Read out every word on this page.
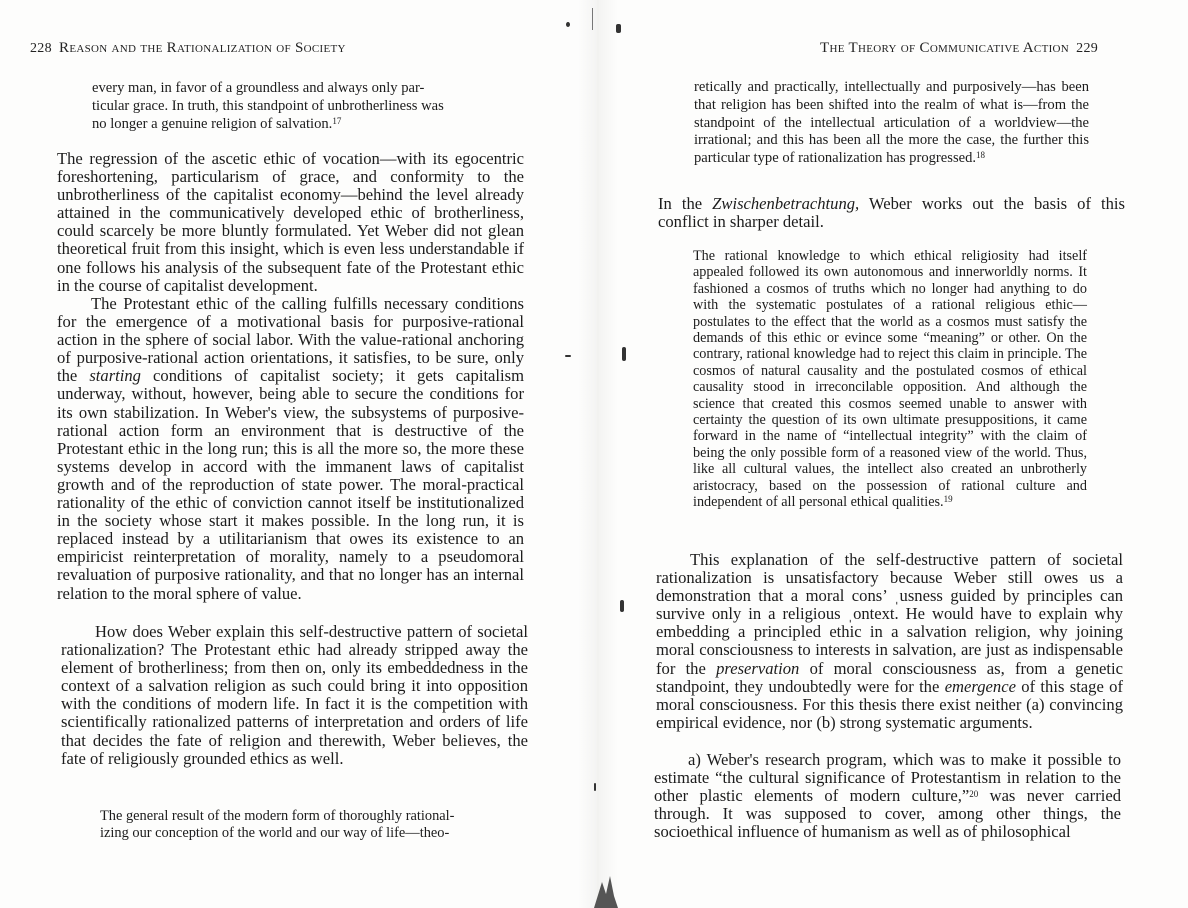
228 Reason and the Rationalization of Society
every man, in favor of a groundless and always only par-
ticular grace. In truth, this standpoint of unbrotherliness was
no longer a genuine religion of salvation.$^{17}$

The regression of the ascetic ethic of vocation—with its egocentric foreshortening, particularism of grace, and conformity to the unbrotherliness of the capitalist economy—behind the level already attained in the communicatively developed ethic of brotherliness, could scarcely be more bluntly formulated. Yet Weber did not glean theoretical fruit from this insight, which is even less understandable if one follows his analysis of the subsequent fate of the Protestant ethic in the course of capitalist development.

The Protestant ethic of the calling fulfills necessary conditions for the emergence of a motivational basis for purposive-rational action in the sphere of social labor. With the value-rational anchoring of purposive-rational action orientations, it satisfies, to be sure, only the starting conditions of capitalist society; it gets capitalism underway, without, however, being able to secure the conditions for its own stabilization. In Weber's view, the subsystems of purposive-rational action form an environment that is destructive of the Protestant ethic in the long run; this is all the more so, the more these systems develop in accord with the immanent laws of capitalist growth and of the reproduction of state power. The moral-practical rationality of the ethic of conviction cannot itself be institutionalized in the society whose start it makes possible. In the long run, it is replaced instead by a utilitarianism that owes its existence to an empiricist reinterpretation of morality, namely to a pseudomoral revaluation of purposive rationality, and that no longer has an internal relation to the moral sphere of value.

How does Weber explain this self-destructive pattern of societal rationalization? The Protestant ethic had already stripped away the element of brotherliness; from then on, only its embeddedness in the context of a salvation religion as such could bring it into opposition with the conditions of modern life. In fact it is the competition with scientifically rationalized patterns of interpretation and orders of life that decides the fate of religion and therewith, Weber believes, the fate of religiously grounded ethics as well.

The general result of the modern form of thoroughly rational-
izing our conception of the world and our way of life—theo-
The Theory of Communicative Action 229

retically and practically, intellectually and purposively—has been that religion has been shifted into the realm of what is—from the standpoint of the intellectual articulation of a worldview—the irrational; and this has been all the more the case, the further this particular type of rationalization has progressed.$^{18}$

In the Zwischenbetrachtung, Weber works out the basis of this conflict in sharper detail.

The rational knowledge to which ethical religiosity had itself appealed followed its own autonomous and innerworldly norms. It fashioned a cosmos of truths which no longer had anything to do with the systematic postulates of a rational religious ethic—postulates to the effect that the world as a cosmos must satisfy the demands of this ethic or evince some “meaning” or other. On the contrary, rational knowledge had to reject this claim in principle. The cosmos of natural causality and the postulated cosmos of ethical causality stood in irreconcilable opposition. And although the science that created this cosmos seemed unable to answer with certainty the question of its own ultimate presuppositions, it came forward in the name of “intellectual integrity” with the claim of being the only possible form of a reasoned view of the world. Thus, like all cultural values, the intellect also created an unbrotherly aristocracy, based on the possession of rational culture and independent of all personal ethical qualities.$^{19}$

This explanation of the self-destructive pattern of societal rationalization is unsatisfactory because Weber still owes us a demonstration that a moral cons’ ˌusness guided by principles can survive only in a religious ˌontext. He would have to explain why embedding a principled ethic in a salvation religion, why joining moral consciousness to interests in salvation, are just as indispensable for the preservation of moral consciousness as, from a genetic standpoint, they undoubtedly were for the emergence of this stage of moral consciousness. For this thesis there exist neither (a) convincing empirical evidence, nor (b) strong systematic arguments.

a) Weber's research program, which was to make it possible to estimate “the cultural significance of Protestantism in relation to the other plastic elements of modern culture,”$^{20}$ was never carried through. It was supposed to cover, among other things, the socioethical influence of humanism as well as of philosophical
